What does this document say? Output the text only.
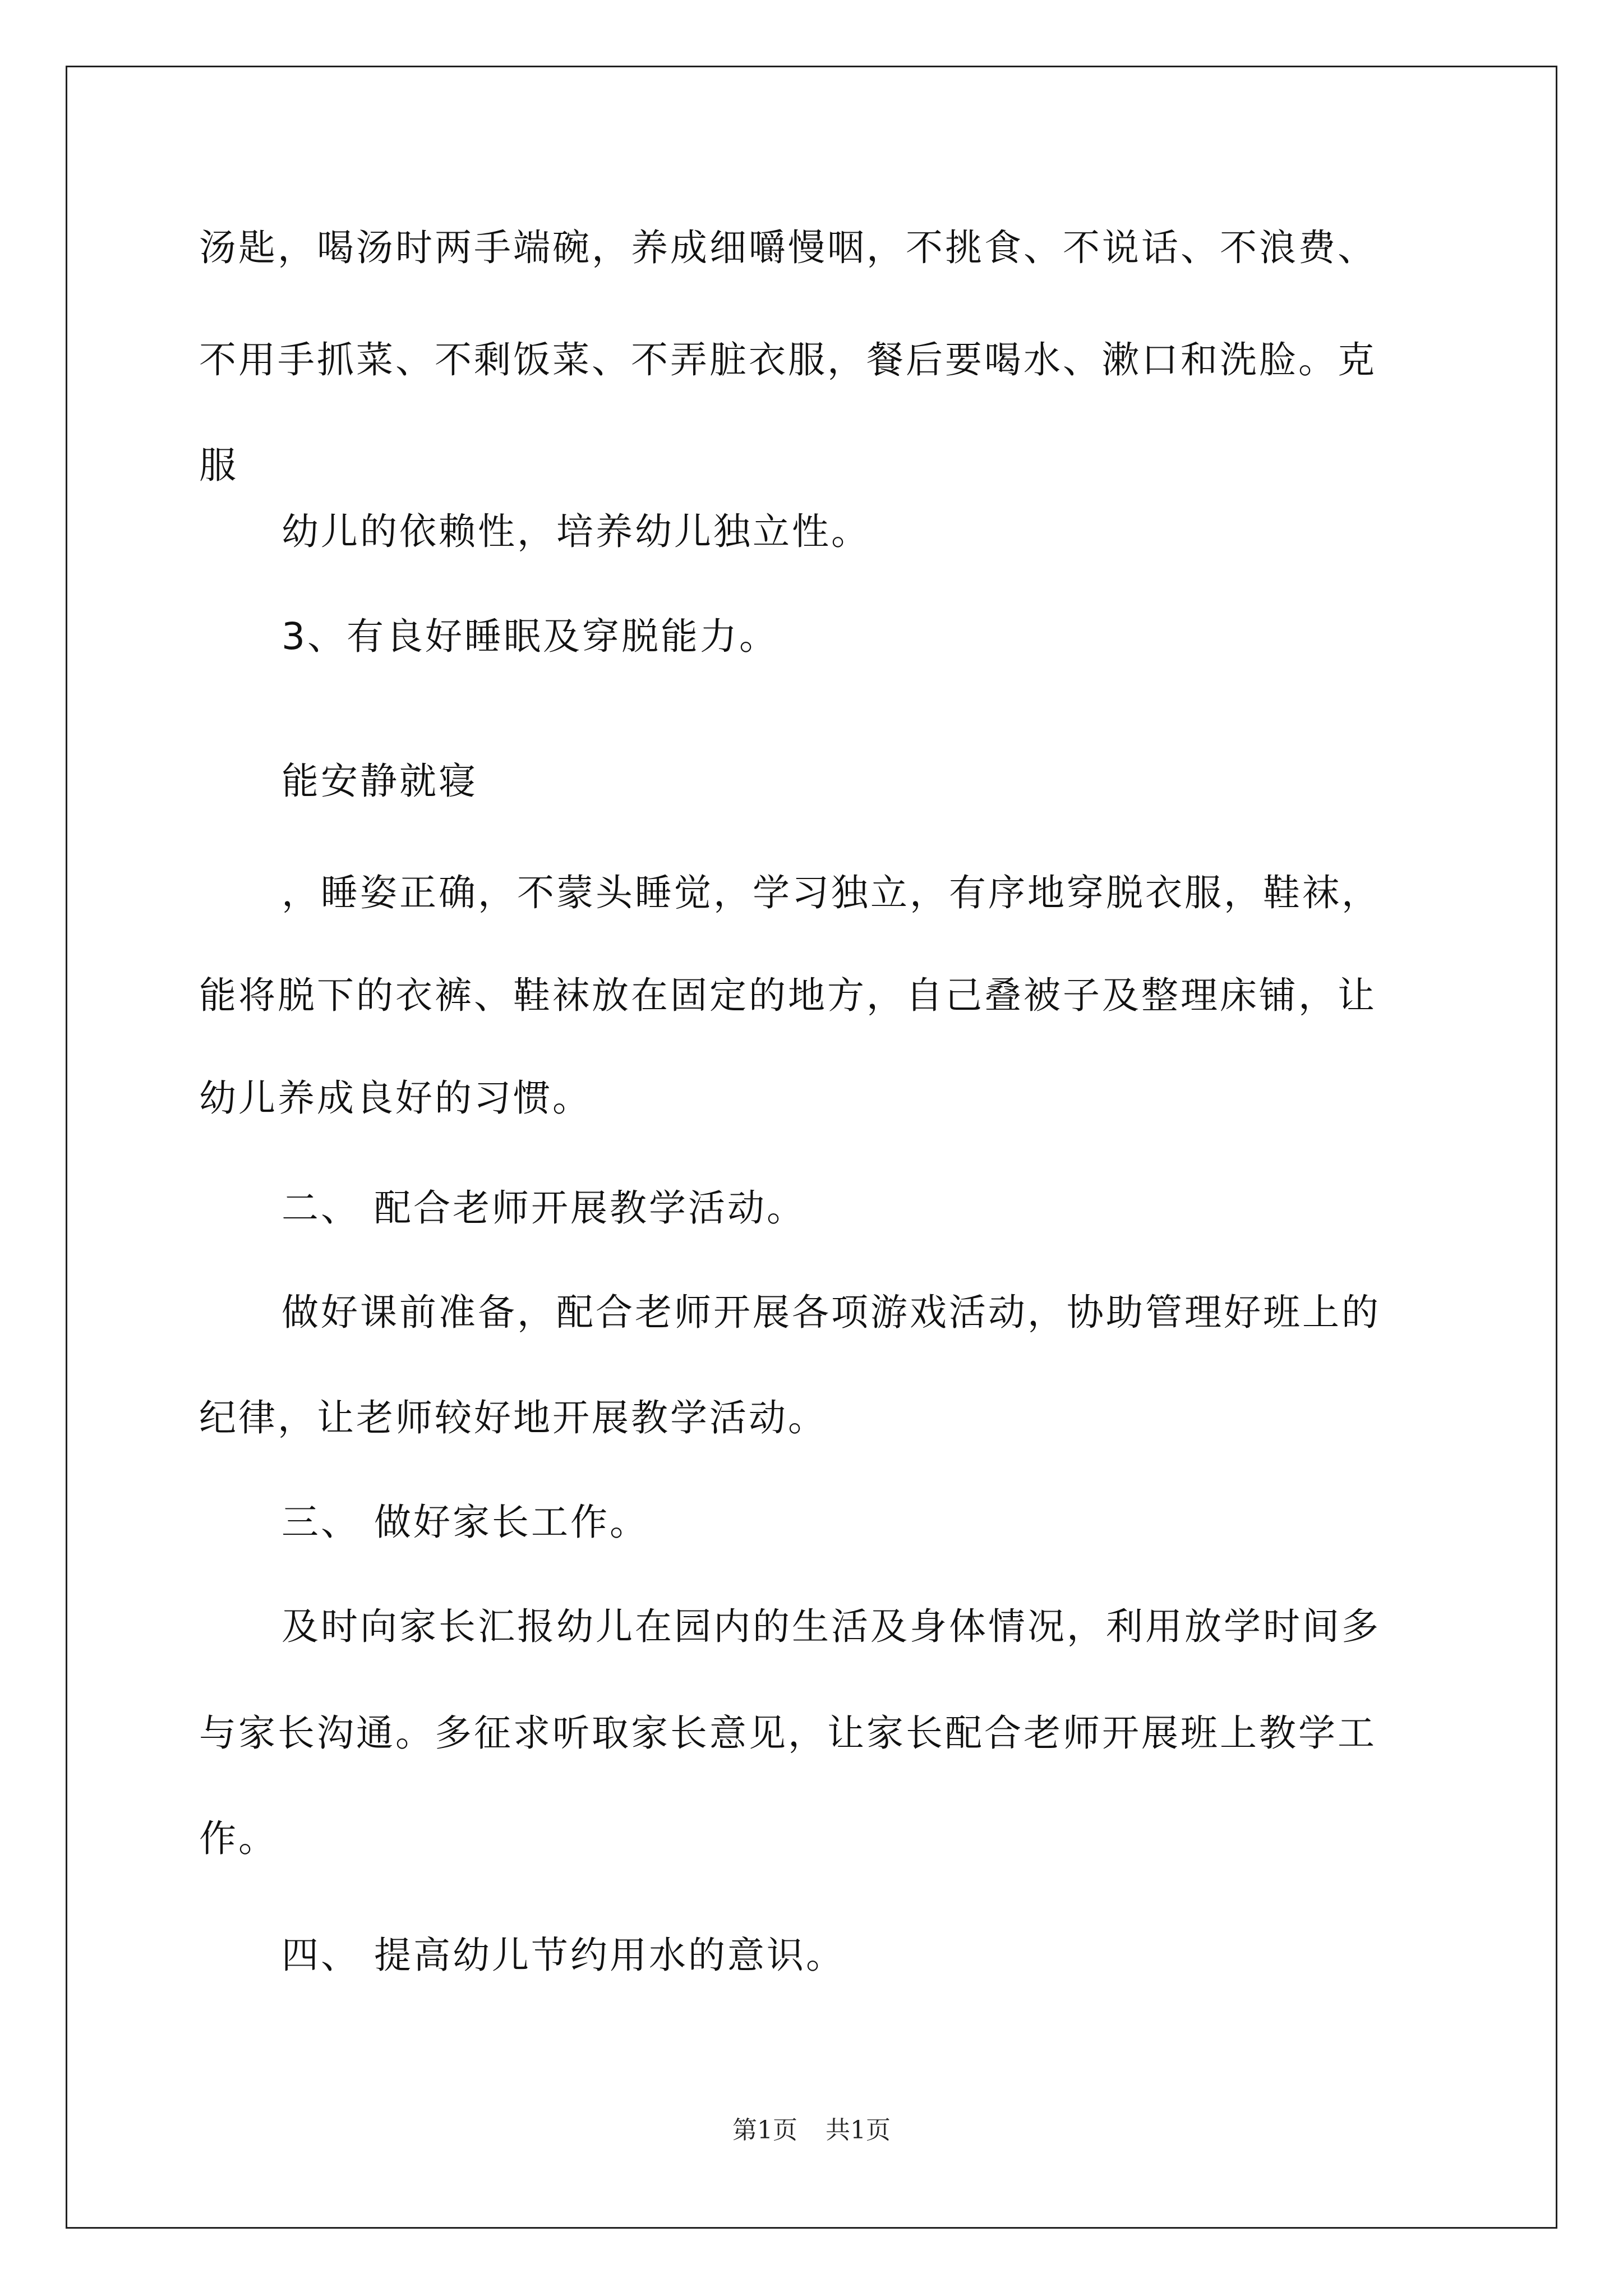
汤匙，喝汤时两手端碗，养成细嚼慢咽，不挑食、不说话、不浪费、
不用手抓菜、不剩饭菜、不弄脏衣服，餐后要喝水、漱口和洗脸。克
服
幼儿的依赖性，培养幼儿独立性。
3、有良好睡眠及穿脱能力。
能安静就寝
，睡姿正确，不蒙头睡觉，学习独立，有序地穿脱衣服，鞋袜，
能将脱下的衣裤、鞋袜放在固定的地方，自己叠被子及整理床铺，让
幼儿养成良好的习惯。
二、 配合老师开展教学活动。
做好课前准备，配合老师开展各项游戏活动，协助管理好班上的
纪律，让老师较好地开展教学活动。
三、 做好家长工作。
及时向家长汇报幼儿在园内的生活及身体情况，利用放学时间多
与家长沟通。多征求听取家长意见，让家长配合老师开展班上教学工
作。
四、 提高幼儿节约用水的意识。
第1页 共1页
